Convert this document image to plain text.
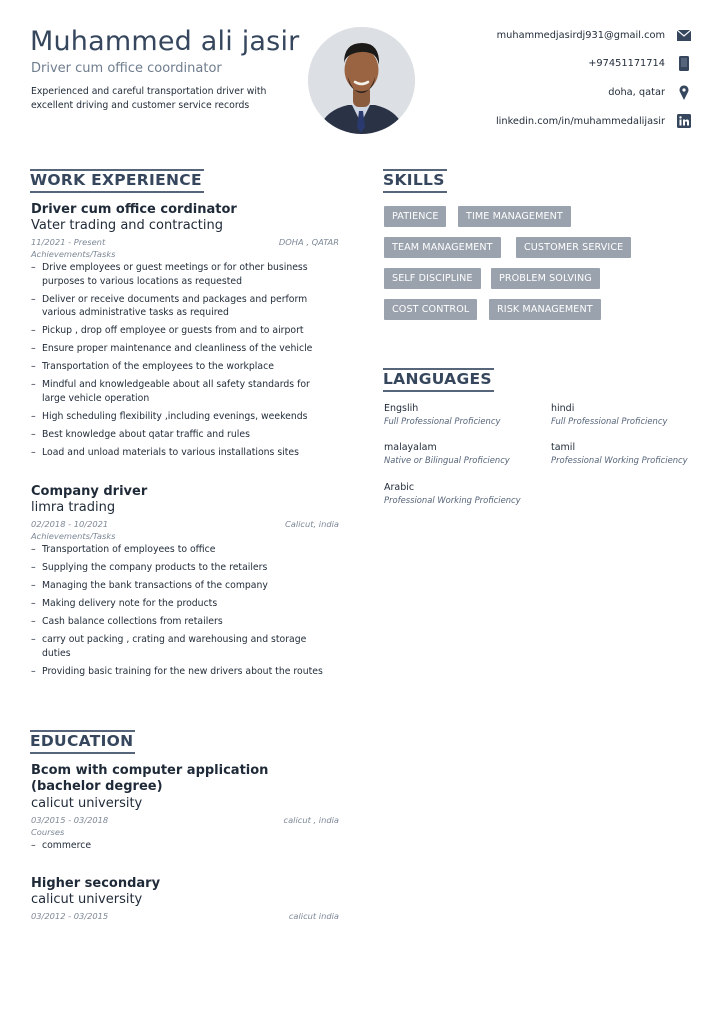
Muhammed ali jasir
Driver cum office coordinator
Experienced and careful transportation driver with excellent driving and customer service records
muhammedjasirdj931@gmail.com
+97451171714
doha, qatar
linkedin.com/in/muhammedalijasir
WORK EXPERIENCE
Driver cum office cordinator
Vater trading and contracting
11/2021 - Present	DOHA , QATAR
Achievements/Tasks
– Drive employees or guest meetings or for other business purposes to various locations as requested
– Deliver or receive documents and packages and perform various administrative tasks as required
– Pickup , drop off employee or guests from and to airport
– Ensure proper maintenance and cleanliness of the vehicle
– Transportation of the employees to the workplace
– Mindful and knowledgeable about all safety standards for large vehicle operation
– High scheduling flexibility ,including evenings, weekends
– Best knowledge about qatar traffic and rules
– Load and unload materials to various installations sites
Company driver
limra trading
02/2018 - 10/2021	Calicut, india
Achievements/Tasks
– Transportation of employees to office
– Supplying the company products to the retailers
– Managing the bank transactions of the company
– Making delivery note for the products
– Cash balance collections from retailers
– carry out packing , crating and warehousing and storage duties
– Providing basic training for the new drivers about the routes
EDUCATION
Bcom with computer application (bachelor degree)
calicut university
03/2015 - 03/2018	calicut , india
Courses
– commerce
Higher secondary
calicut university
03/2012 - 03/2015	calicut india
SKILLS
PATIENCE	TIME MANAGEMENT
TEAM MANAGEMENT	CUSTOMER SERVICE
SELF DISCIPLINE	PROBLEM SOLVING
COST CONTROL	RISK MANAGEMENT
LANGUAGES
Engslih
Full Professional Proficiency
hindi
Full Professional Proficiency
malayalam
Native or Bilingual Proficiency
tamil
Professional Working Proficiency
Arabic
Professional Working Proficiency
